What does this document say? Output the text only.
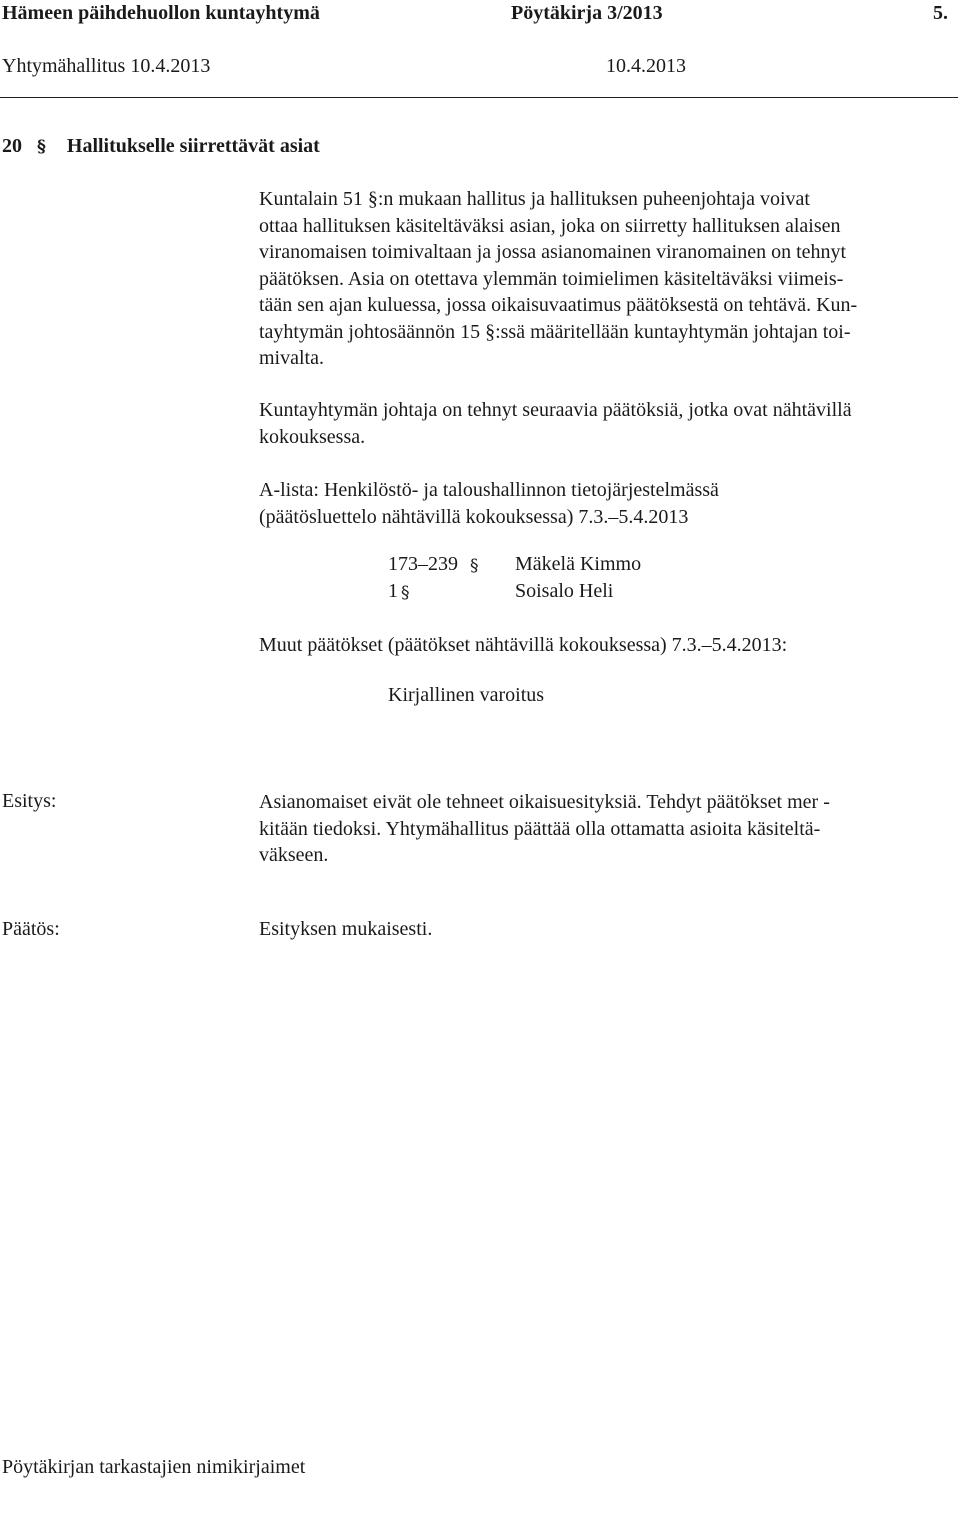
Hämeen päihdehuollon kuntayhtymä	Pöytäkirja 3/2013	5.
Yhtymähallitus 10.4.2013	10.4.2013
20 § Hallitukselle siirrettävät asiat
Kuntalain 51 §:n mukaan hallitus ja hallituksen puheenjohtaja voivat
ottaa hallituksen käsiteltäväksi asian, joka on siirretty hallituksen alaisen
viranomaisen toimivaltaan ja jossa asianomainen viranomainen on tehnyt
päätöksen. Asia on otettava ylemmän toimielimen käsiteltäväksi viimeis-
tään sen ajan kuluessa, jossa oikaisuvaatimus päätöksestä on tehtävä. Kun-
tayhtymän johtosäännön 15 §:ssä määritellään kuntayhtymän johtajan toi-
mivalta.
Kuntayhtymän johtaja on tehnyt seuraavia päätöksiä, jotka ovat nähtävillä
kokouksessa.
A-lista: Henkilöstö- ja taloushallinnon tietojärjestelmässä
(päätösluettelo nähtävillä kokouksessa) 7.3.–5.4.2013
173–239 § Mäkelä Kimmo
1 §	Soisalo Heli
Muut päätökset (päätökset nähtävillä kokouksessa) 7.3.–5.4.2013:
Kirjallinen varoitus
Esitys:	Asianomaiset eivät ole tehneet oikaisuesityksiä. Tehdyt päätökset mer -
kitään tiedoksi. Yhtymähallitus päättää olla ottamatta asioita käsiteltä-
väkseen.
Päätös:	Esityksen mukaisesti.
Pöytäkirjan tarkastajien nimikirjaimet
